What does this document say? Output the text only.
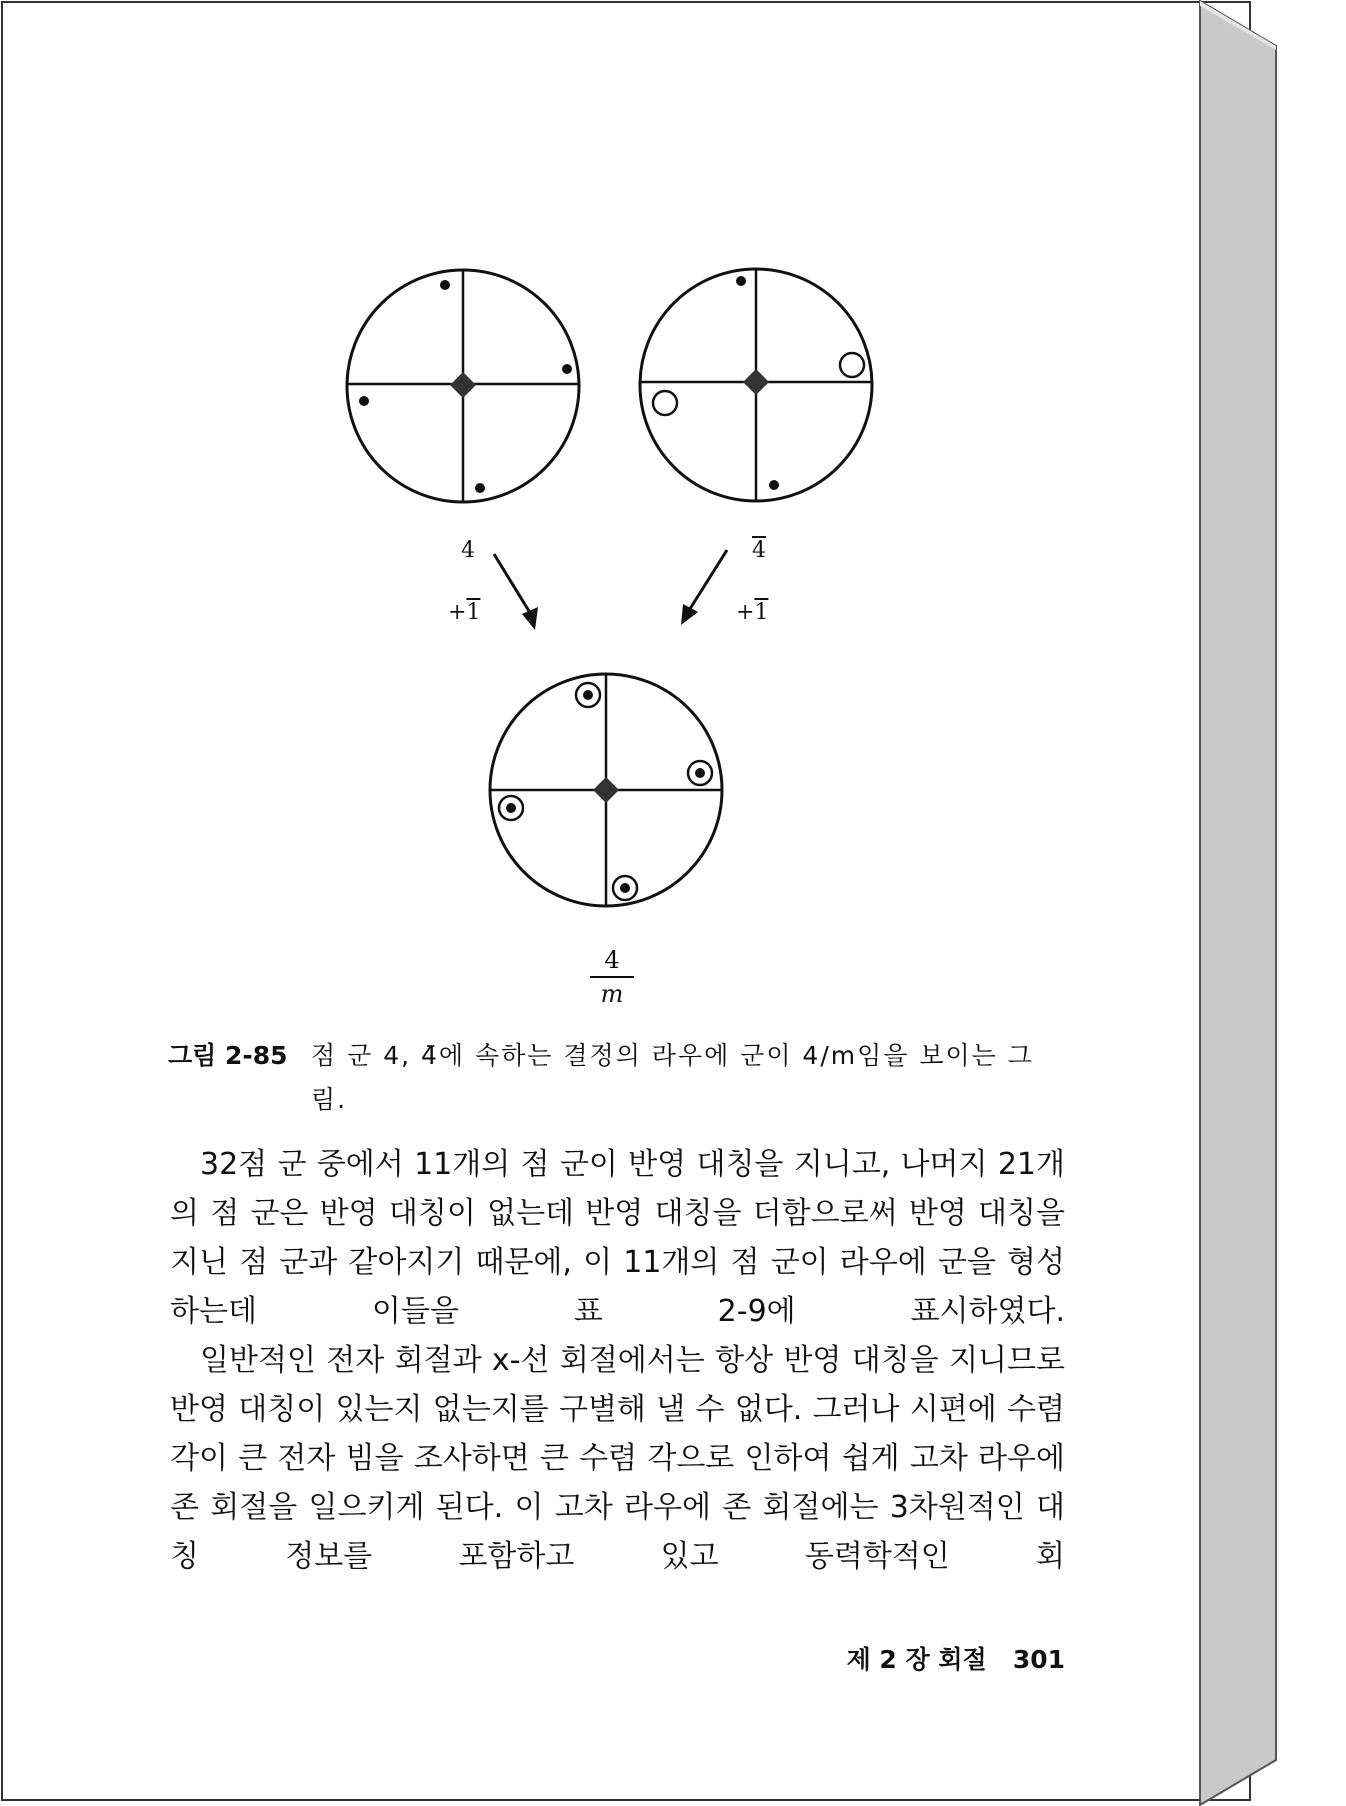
4	4
+1	+1
$\frac{4}{m}$
그림 2-85 점 군 4, 4̄에 속하는 결정의 라우에 군이 4/m임을 보이는 그림.

32점 군 중에서 11개의 점 군이 반영 대칭을 지니고, 나머지 21개의 점 군은 반영 대칭이 없는데 반영 대칭을 더함으로써 반영 대칭을 지닌 점 군과 같아지기 때문에, 이 11개의 점 군이 라우에 군을 형성하는데 이들을 표 2-9에 표시하였다.

일반적인 전자 회절과 x-선 회절에서는 항상 반영 대칭을 지니므로 반영 대칭이 있는지 없는지를 구별해 낼 수 없다. 그러나 시편에 수렴 각이 큰 전자 빔을 조사하면 큰 수렴 각으로 인하여 쉽게 고차 라우에 존 회절을 일으키게 된다. 이 고차 라우에 존 회절에는 3차원적인 대칭 정보를 포함하고 있고 동력학적인 회

제 2 장 회절 301
